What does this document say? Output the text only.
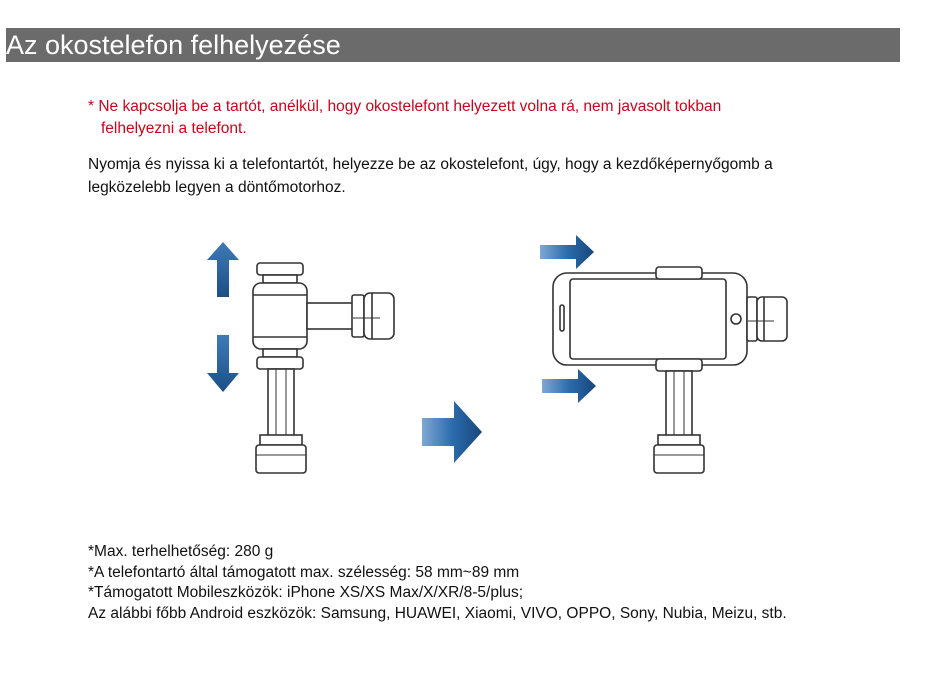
Az okostelefon felhelyezése
* Ne kapcsolja be a tartót, anélkül, hogy okostelefont helyezett volna rá, nem javasolt tokban
felhelyezni a telefont.
Nyomja és nyissa ki a telefontartót, helyezze be az okostelefont, úgy, hogy a kezdőképernyőgomb a
legközelebb legyen a döntőmotorhoz.
*Max. terhelhetőség: 280 g
*A telefontartó által támogatott max. szélesség: 58 mm~89 mm
*Támogatott Mobileszközök: iPhone XS/XS Max/X/XR/8-5/plus;
Az alábbi főbb Android eszközök: Samsung, HUAWEI, Xiaomi, VIVO, OPPO, Sony, Nubia, Meizu, stb.
